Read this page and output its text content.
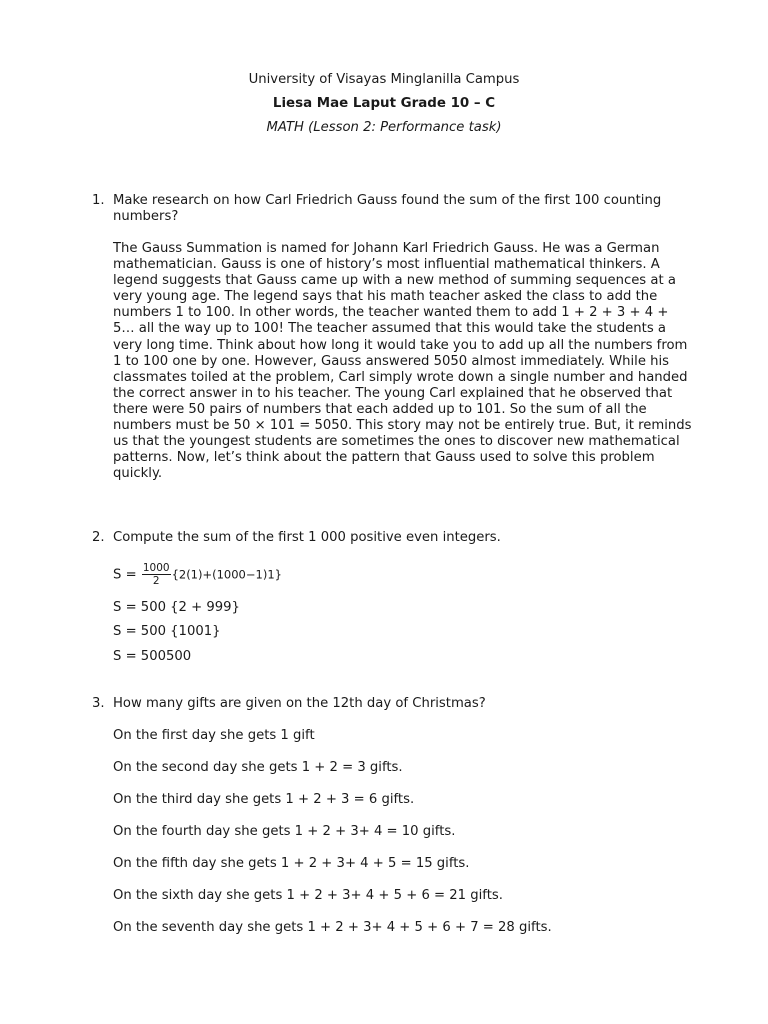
University of Visayas Minglanilla Campus
Liesa Mae Laput Grade 10 – C
MATH (Lesson 2: Performance task)
1. Make research on how Carl Friedrich Gauss found the sum of the first 100 counting numbers?

The Gauss Summation is named for Johann Karl Friedrich Gauss. He was a German mathematician. Gauss is one of history’s most influential mathematical thinkers. A legend suggests that Gauss came up with a new method of summing sequences at a very young age. The legend says that his math teacher asked the class to add the numbers 1 to 100. In other words, the teacher wanted them to add 1 + 2 + 3 + 4 + 5… all the way up to 100! The teacher assumed that this would take the students a very long time. Think about how long it would take you to add up all the numbers from 1 to 100 one by one. However, Gauss answered 5050 almost immediately. While his classmates toiled at the problem, Carl simply wrote down a single number and handed the correct answer in to his teacher. The young Carl explained that he observed that there were 50 pairs of numbers that each added up to 101. So the sum of all the numbers must be 50 × 101 = 5050. This story may not be entirely true. But, it reminds us that the youngest students are sometimes the ones to discover new mathematical patterns. Now, let’s think about the pattern that Gauss used to solve this problem quickly.

2. Compute the sum of the first 1 000 positive even integers.
$S = \frac{1000}{2} \{2(1)+(1000-1)1\}$
S = 500 {2 + 999}
S = 500 {1001}
S = 500500
3. How many gifts are given on the 12th day of Christmas?
On the first day she gets 1 gift
On the second day she gets 1 + 2 = 3 gifts.
On the third day she gets 1 + 2 + 3 = 6 gifts.
On the fourth day she gets 1 + 2 + 3+ 4 = 10 gifts.
On the fifth day she gets 1 + 2 + 3+ 4 + 5 = 15 gifts.
On the sixth day she gets 1 + 2 + 3+ 4 + 5 + 6 = 21 gifts.
On the seventh day she gets 1 + 2 + 3+ 4 + 5 + 6 + 7 = 28 gifts.
